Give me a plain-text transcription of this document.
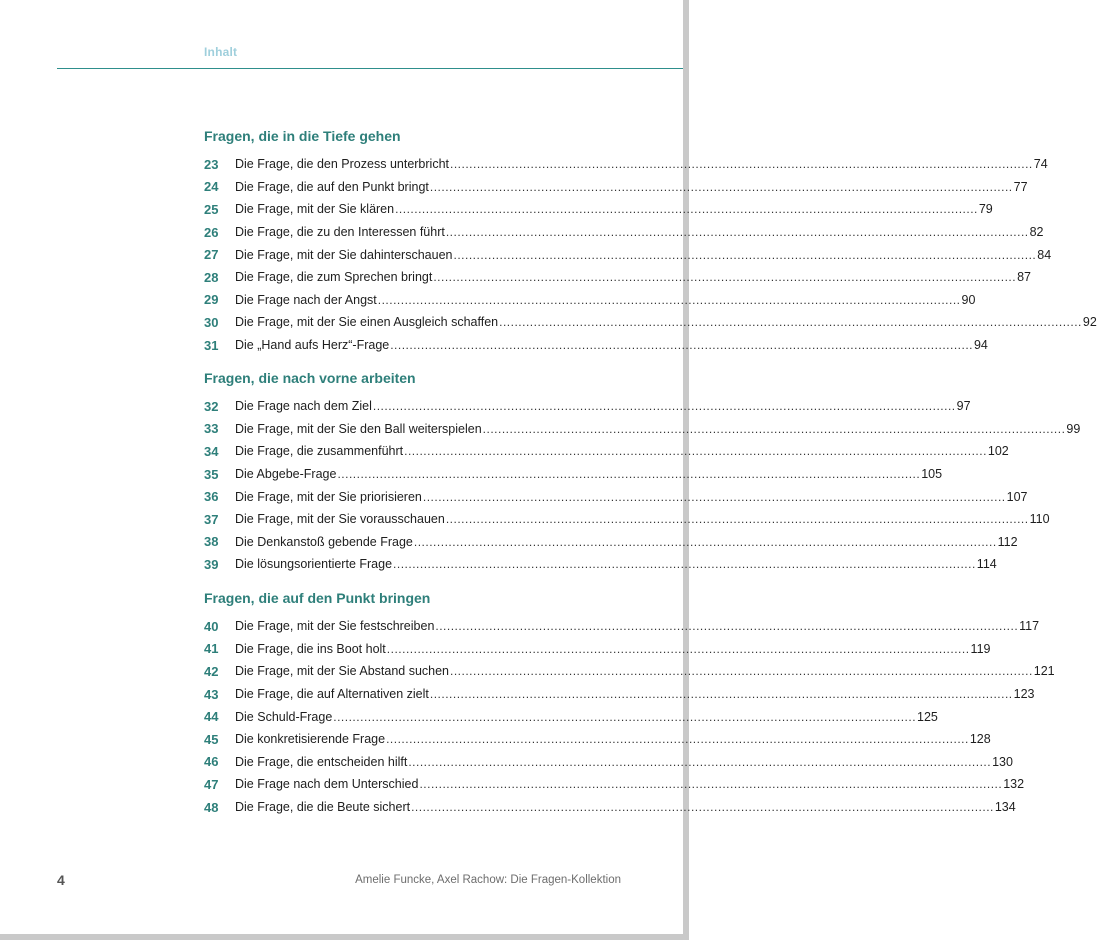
Inhalt
Fragen, die in die Tiefe gehen
23	Die Frage, die den Prozess unterbricht ........................................................................................................................................................ 74
24	Die Frage, die auf den Punkt bringt ........................................................................................................................................................ 77
25	Die Frage, mit der Sie klären ........................................................................................................................................................ 79
26	Die Frage, die zu den Interessen führt ........................................................................................................................................................ 82
27	Die Frage, mit der Sie dahinterschauen ........................................................................................................................................................ 84
28	Die Frage, die zum Sprechen bringt ........................................................................................................................................................ 87
29	Die Frage nach der Angst ........................................................................................................................................................ 90
30	Die Frage, mit der Sie einen Ausgleich schaffen ........................................................................................................................................................ 92
31	Die „Hand aufs Herz“-Frage ........................................................................................................................................................ 94
Fragen, die nach vorne arbeiten
32	Die Frage nach dem Ziel ........................................................................................................................................................ 97
33	Die Frage, mit der Sie den Ball weiterspielen ........................................................................................................................................................ 99
34	Die Frage, die zusammenführt ........................................................................................................................................................ 102
35	Die Abgebe-Frage ........................................................................................................................................................ 105
36	Die Frage, mit der Sie priorisieren ........................................................................................................................................................ 107
37	Die Frage, mit der Sie vorausschauen ........................................................................................................................................................ 110
38	Die Denkanstoß gebende Frage ........................................................................................................................................................ 112
39	Die lösungsorientierte Frage ........................................................................................................................................................ 114
Fragen, die auf den Punkt bringen
40	Die Frage, mit der Sie festschreiben ........................................................................................................................................................ 117
41	Die Frage, die ins Boot holt ........................................................................................................................................................ 119
42	Die Frage, mit der Sie Abstand suchen ........................................................................................................................................................ 121
43	Die Frage, die auf Alternativen zielt ........................................................................................................................................................ 123
44	Die Schuld-Frage ........................................................................................................................................................ 125
45	Die konkretisierende Frage ........................................................................................................................................................ 128
46	Die Frage, die entscheiden hilft ........................................................................................................................................................ 130
47	Die Frage nach dem Unterschied ........................................................................................................................................................ 132
48	Die Frage, die die Beute sichert ........................................................................................................................................................ 134
4	Amelie Funcke, Axel Rachow: Die Fragen-Kollektion
